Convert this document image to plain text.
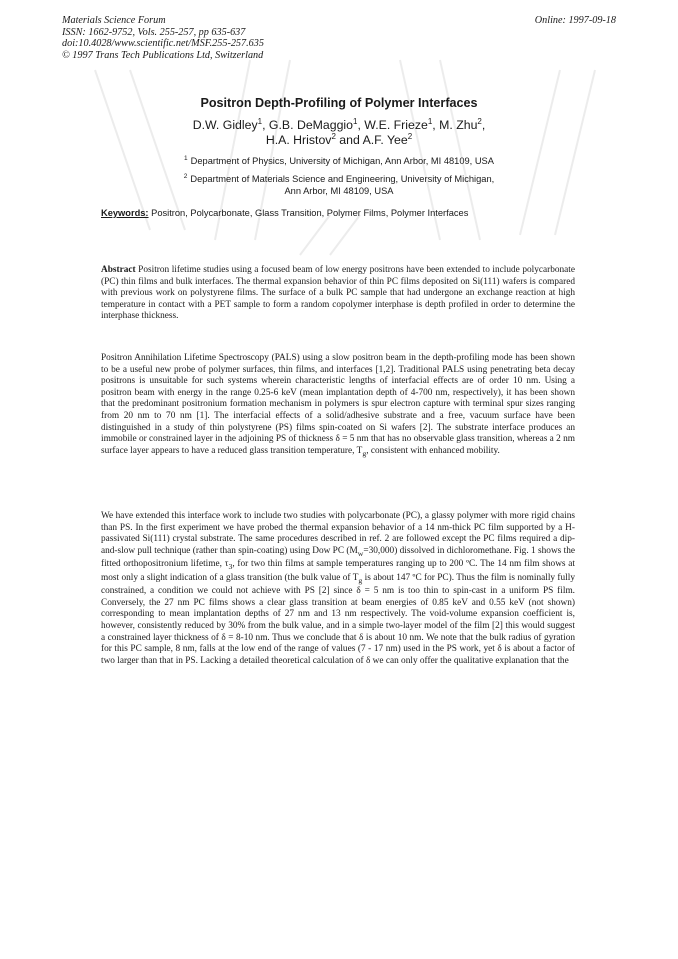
Materials Science Forum
ISSN: 1662-9752, Vols. 255-257, pp 635-637
doi:10.4028/www.scientific.net/MSF.255-257.635
© 1997 Trans Tech Publications Ltd, Switzerland
Online: 1997-09-18
Positron Depth-Profiling of Polymer Interfaces
D.W. Gidley$^1$, G.B. DeMaggio$^1$, W.E. Frieze$^1$, M. Zhu$^2$,
H.A. Hristov$^2$ and A.F. Yee$^2$
$^1$ Department of Physics, University of Michigan, Ann Arbor, MI 48109, USA
$^2$ Department of Materials Science and Engineering, University of Michigan,
Ann Arbor, MI 48109, USA
Keywords: Positron, Polycarbonate, Glass Transition, Polymer Films, Polymer Interfaces
Abstract Positron lifetime studies using a focused beam of low energy positrons have been extended to include polycarbonate (PC) thin films and bulk interfaces. The thermal expansion behavior of thin PC films deposited on Si(111) wafers is compared with previous work on polystyrene films. The surface of a bulk PC sample that had undergone an exchange reaction at high temperature in contact with a PET sample to form a random copolymer interphase is depth profiled in order to determine the interphase thickness.
Positron Annihilation Lifetime Spectroscopy (PALS) using a slow positron beam in the depth-profiling mode has been shown to be a useful new probe of polymer surfaces, thin films, and interfaces [1,2]. Traditional PALS using penetrating beta decay positrons is unsuitable for such systems wherein characteristic lengths of interfacial effects are of order 10 nm. Using a positron beam with energy in the range 0.25-6 keV (mean implantation depth of 4-700 nm, respectively), it has been shown that the predominant positronium formation mechanism in polymers is spur electron capture with terminal spur sizes ranging from 20 nm to 70 nm [1]. The interfacial effects of a solid/adhesive substrate and a free, vacuum surface have been distinguished in a study of thin polystyrene (PS) films spin-coated on Si wafers [2]. The substrate interface produces an immobile or constrained layer in the adjoining PS of thickness δ = 5 nm that has no observable glass transition, whereas a 2 nm surface layer appears to have a reduced glass transition temperature, $T_g$, consistent with enhanced mobility.
We have extended this interface work to include two studies with polycarbonate (PC), a glassy polymer with more rigid chains than PS. In the first experiment we have probed the thermal expansion behavior of a 14 nm-thick PC film supported by a H-passivated Si(111) crystal substrate. The same procedures described in ref. 2 are followed except the PC films required a dip-and-slow pull technique (rather than spin-coating) using Dow PC $(M_w=30,000)$ dissolved in dichloromethane. Fig. 1 shows the fitted orthopositronium lifetime, $\tau_3$, for two thin films at sample temperatures ranging up to 200 ºC. The 14 nm film shows at most only a slight indication of a glass transition (the bulk value of $T_g$ is about 147 ºC for PC). Thus the film is nominally fully constrained, a condition we could not achieve with PS [2] since δ = 5 nm is too thin to spin-cast in a uniform PS film. Conversely, the 27 nm PC films shows a clear glass transition at beam energies of 0.85 keV and 0.55 keV (not shown) corresponding to mean implantation depths of 27 nm and 13 nm respectively. The void-volume expansion coefficient is, however, consistently reduced by 30% from the bulk value, and in a simple two-layer model of the film [2] this would suggest a constrained layer thickness of δ = 8-10 nm. Thus we conclude that δ is about 10 nm. We note that the bulk radius of gyration for this PC sample, 8 nm, falls at the low end of the range of values (7 - 17 nm) used in the PS work, yet δ is about a factor of two larger than that in PS. Lacking a detailed theoretical calculation of δ we can only offer the qualitative explanation that the
